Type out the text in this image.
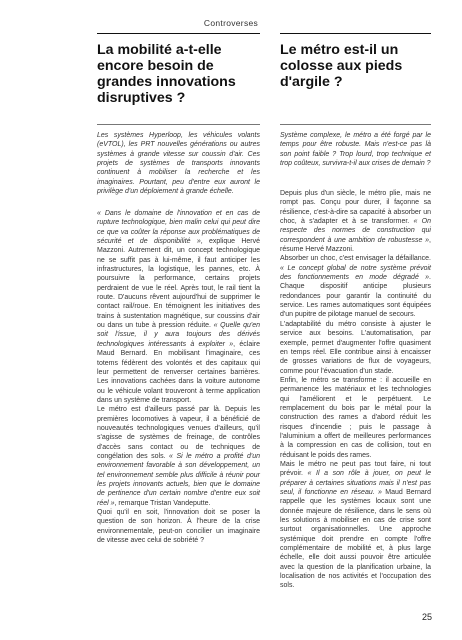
Controverses
La mobilité a-t-elle encore besoin de grandes innovations disruptives ?
Les systèmes Hyperloop, les véhicules volants (eVTOL), les PRT nouvelles générations ou autres systèmes à grande vitesse sur coussin d'air. Ces projets de systèmes de transports innovants continuent à mobiliser la recherche et les imaginaires. Pourtant, peu d'entre eux auront le privilège d'un déploiement à grande échelle.

« Dans le domaine de l'innovation et en cas de rupture technologique, bien malin celui qui peut dire ce que va coûter la réponse aux problématiques de sécurité et de disponibilité », explique Hervé Mazzoni. Autrement dit, un concept technologique ne se suffit pas à lui-même, il faut anticiper les infrastructures, la logistique, les pannes, etc. À poursuivre la performance, certains projets perdraient de vue le réel. Après tout, le rail tient la route. D'aucuns rêvent aujourd'hui de supprimer le contact rail/roue. En témoignent les initiatives des trains à sustentation magnétique, sur coussins d'air ou dans un tube à pression réduite. « Quelle qu'en soit l'issue, il y aura toujours des dérivés technologiques intéressants à exploiter », éclaire Maud Bernard. En mobilisant l'imaginaire, ces totems fédèrent des volontés et des capitaux qui leur permettent de renverser certaines barrières. Les innovations cachées dans la voiture autonome ou le véhicule volant trouveront à terme application dans un système de transport.

Le métro est d'ailleurs passé par là. Depuis les premières locomotives à vapeur, il a bénéficié de nouveautés technologiques venues d'ailleurs, qu'il s'agisse de systèmes de freinage, de contrôles d'accès sans contact ou de techniques de congélation des sols. « Si le métro a profité d'un environnement favorable à son développement, un tel environnement semble plus difficile à réunir pour les projets innovants actuels, bien que le domaine de pertinence d'un certain nombre d'entre eux soit réel », remarque Tristan Vandeputte.

Quoi qu'il en soit, l'innovation doit se poser la question de son horizon. À l'heure de la crise environnementale, peut-on concilier un imaginaire de vitesse avec celui de sobriété ?

Le métro est-il un colosse aux pieds d'argile ?
Système complexe, le métro a été forgé par le temps pour être robuste. Mais n'est-ce pas là son point faible ? Trop lourd, trop technique et trop coûteux, survivra-t-il aux crises de demain ?

Depuis plus d'un siècle, le métro plie, mais ne rompt pas. Conçu pour durer, il façonne sa résilience, c'est-à-dire sa capacité à absorber un choc, à s'adapter et à se transformer. « On respecte des normes de construction qui correspondent à une ambition de robustesse », résume Hervé Mazzoni.

Absorber un choc, c'est envisager la défaillance. « Le concept global de notre système prévoit des fonctionnements en mode dégradé ». Chaque dispositif anticipe plusieurs redondances pour garantir la continuité du service. Les rames automatiques sont équipées d'un pupitre de pilotage manuel de secours.

L'adaptabilité du métro consiste à ajuster le service aux besoins. L'automatisation, par exemple, permet d'augmenter l'offre quasiment en temps réel. Elle contribue ainsi à encaisser de grosses variations de flux de voyageurs, comme pour l'évacuation d'un stade.

Enfin, le métro se transforme : il accueille en permanence les matériaux et les technologies qui l'améliorent et le perpétuent. Le remplacement du bois par le métal pour la construction des rames a d'abord réduit les risques d'incendie ; puis le passage à l'aluminium a offert de meilleures performances à la compression en cas de collision, tout en réduisant le poids des rames.

Mais le métro ne peut pas tout faire, ni tout prévoir. « Il a son rôle à jouer, on peut le préparer à certaines situations mais il n'est pas seul, il fonctionne en réseau. » Maud Bernard rappelle que les systèmes locaux sont une donnée majeure de résilience, dans le sens où les solutions à mobiliser en cas de crise sont surtout organisationnelles. Une approche systémique doit prendre en compte l'offre complémentaire de mobilité et, à plus large échelle, elle doit aussi pouvoir être articulée avec la question de la planification urbaine, la localisation de nos activités et l'occupation des sols.

25
